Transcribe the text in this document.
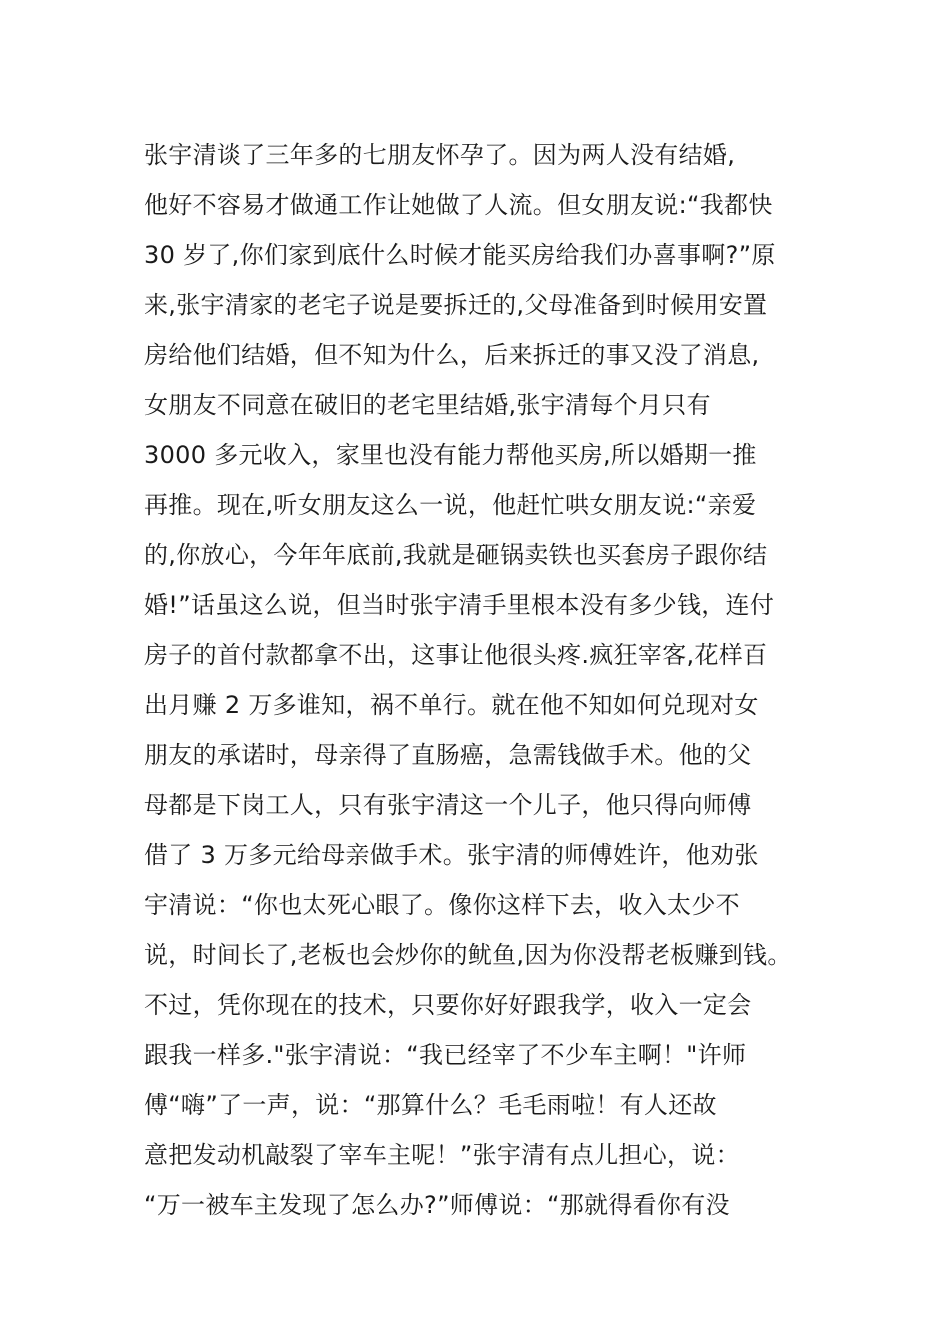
张宇清谈了三年多的七朋友怀孕了。因为两人没有结婚,
他好不容易才做通工作让她做了人流。但女朋友说:“我都快
30 岁了,你们家到底什么时候才能买房给我们办喜事啊?”原
来,张宇清家的老宅子说是要拆迁的,父母准备到时候用安置
房给他们结婚，但不知为什么，后来拆迁的事又没了消息,
女朋友不同意在破旧的老宅里结婚,张宇清每个月只有
3000 多元收入，家里也没有能力帮他买房,所以婚期一推
再推。现在,听女朋友这么一说，他赶忙哄女朋友说:“亲爱
的,你放心，今年年底前,我就是砸锅卖铁也买套房子跟你结
婚!”话虽这么说，但当时张宇清手里根本没有多少钱，连付
房子的首付款都拿不出，这事让他很头疼.疯狂宰客,花样百
出月赚 2 万多谁知，祸不单行。就在他不知如何兑现对女
朋友的承诺时，母亲得了直肠癌，急需钱做手术。他的父
母都是下岗工人，只有张宇清这一个儿子，他只得向师傅
借了 3 万多元给母亲做手术。张宇清的师傅姓许，他劝张
宇清说：“你也太死心眼了。像你这样下去，收入太少不
说，时间长了,老板也会炒你的鱿鱼,因为你没帮老板赚到钱。
不过，凭你现在的技术，只要你好好跟我学，收入一定会
跟我一样多."张宇清说：“我已经宰了不少车主啊！"许师
傅“嗨”了一声，说：“那算什么？毛毛雨啦！有人还故
意把发动机敲裂了宰车主呢！”张宇清有点儿担心，说：
“万一被车主发现了怎么办?”师傅说：“那就得看你有没
